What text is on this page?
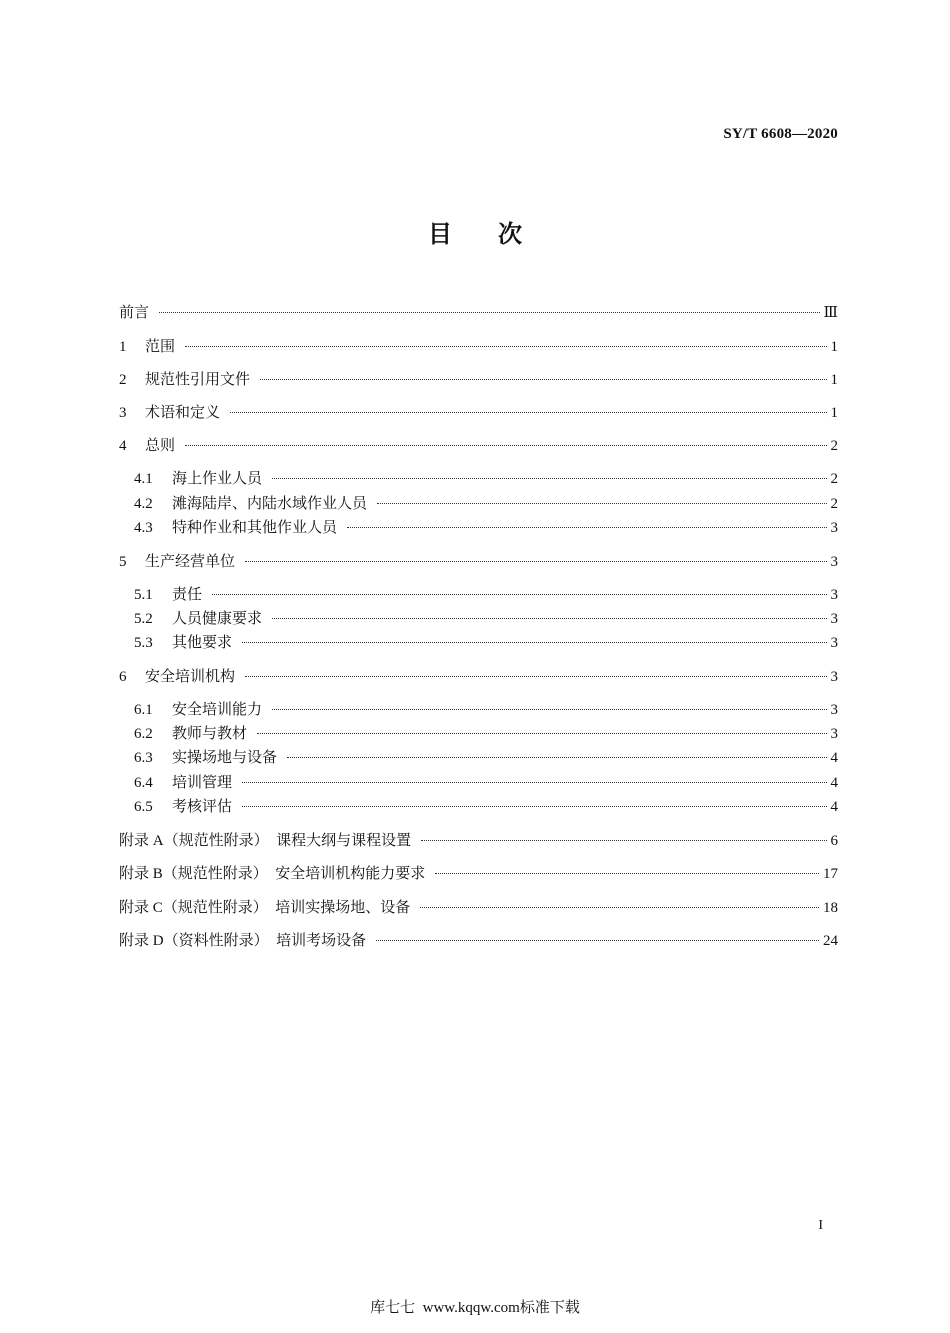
SY/T 6608—2020
目次
前言	Ⅲ
1	范围	1
2	规范性引用文件	1
3	术语和定义	1
4	总则	2
4.1	海上作业人员	2
4.2	滩海陆岸、内陆水域作业人员	2
4.3	特种作业和其他作业人员	3
5	生产经营单位	3
5.1	责任	3
5.2	人员健康要求	3
5.3	其他要求	3
6	安全培训机构	3
6.1	安全培训能力	3
6.2	教师与教材	3
6.3	实操场地与设备	4
6.4	培训管理	4
6.5	考核评估	4
附录 A（规范性附录）  课程大纲与课程设置	6
附录 B（规范性附录）  安全培训机构能力要求	17
附录 C（规范性附录）  培训实操场地、设备	18
附录 D（资料性附录）  培训考场设备	24
I
库七七  www.kqqw.com标准下载
